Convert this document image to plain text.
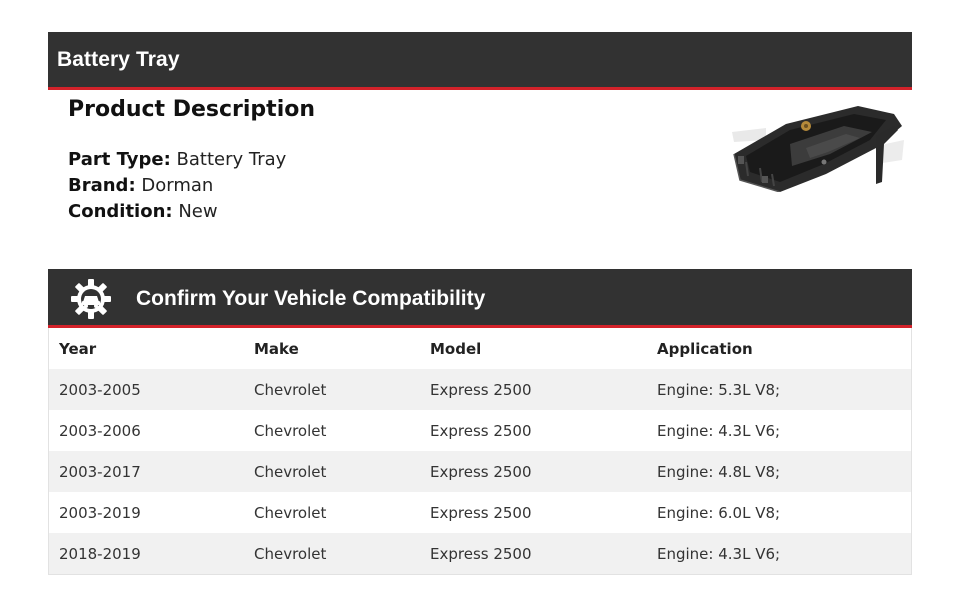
Battery Tray
Product Description
Part Type: Battery Tray
Brand: Dorman
Condition: New
Confirm Your Vehicle Compatibility
Year	Make	Model	Application
2003-2005	Chevrolet	Express 2500	Engine: 5.3L V8;
2003-2006	Chevrolet	Express 2500	Engine: 4.3L V6;
2003-2017	Chevrolet	Express 2500	Engine: 4.8L V8;
2003-2019	Chevrolet	Express 2500	Engine: 6.0L V8;
2018-2019	Chevrolet	Express 2500	Engine: 4.3L V6;
